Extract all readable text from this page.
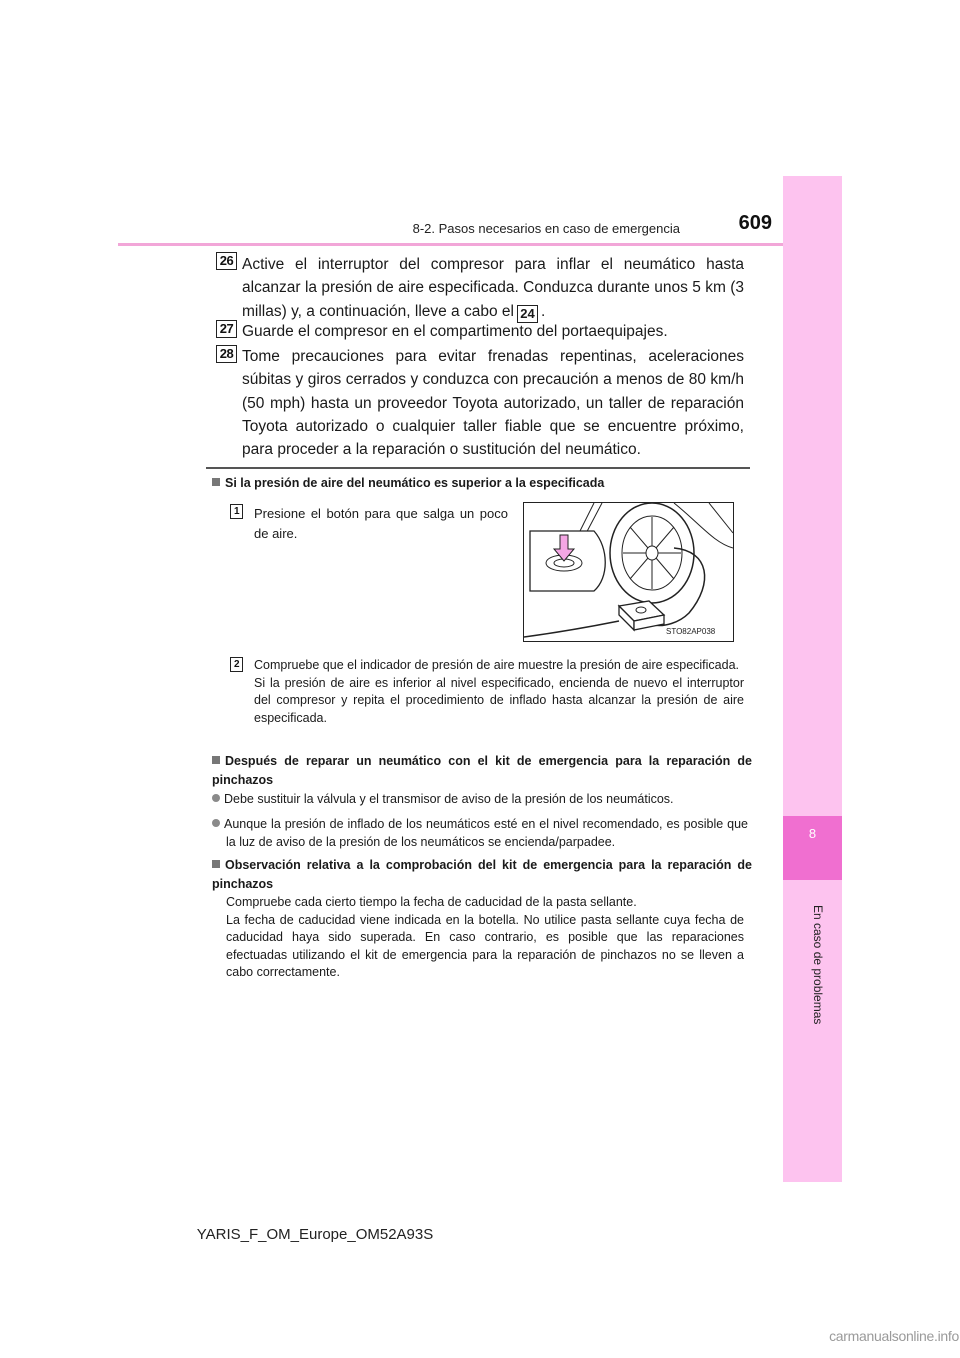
8-2. Pasos necesarios en caso de emergencia	609
8
En caso de problemas
26 Active el interruptor del compresor para inflar el neumático hasta alcanzar la presión de aire especificada. Conduzca durante unos 5 km (3 millas) y, a continuación, lleve a cabo el 24 .
27 Guarde el compresor en el compartimento del portaequipajes.
28 Tome precauciones para evitar frenadas repentinas, aceleraciones súbitas y giros cerrados y conduzca con precaución a menos de 80 km/h (50 mph) hasta un proveedor Toyota autorizado, un taller de reparación Toyota autorizado o cualquier taller fiable que se encuentre próximo, para proceder a la reparación o sustitución del neumático.
Si la presión de aire del neumático es superior a la especificada
1	Presione el botón para que salga un poco de aire.
STO82AP038
2	Compruebe que el indicador de presión de aire muestre la presión de aire especificada.
Si la presión de aire es inferior al nivel especificado, encienda de nuevo el interruptor del compresor y repita el procedimiento de inflado hasta alcanzar la presión de aire especificada.
Después de reparar un neumático con el kit de emergencia para la reparación de pinchazos
Debe sustituir la válvula y el transmisor de aviso de la presión de los neumáticos.
Aunque la presión de inflado de los neumáticos esté en el nivel recomendado, es posible que la luz de aviso de la presión de los neumáticos se encienda/parpadee.
Observación relativa a la comprobación del kit de emergencia para la reparación de pinchazos
Compruebe cada cierto tiempo la fecha de caducidad de la pasta sellante.
La fecha de caducidad viene indicada en la botella. No utilice pasta sellante cuya fecha de caducidad haya sido superada. En caso contrario, es posible que las reparaciones efectuadas utilizando el kit de emergencia para la reparación de pinchazos no se lleven a cabo correctamente.
YARIS_F_OM_Europe_OM52A93S
carmanualsonline.info
